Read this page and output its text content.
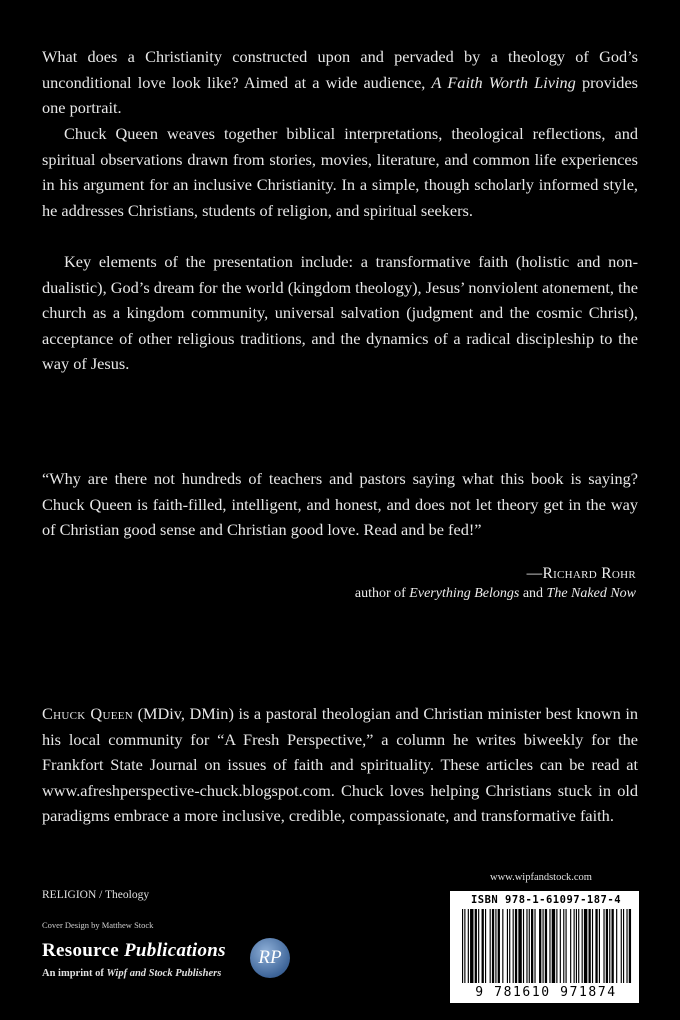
What does a Christianity constructed upon and pervaded by a theology of God’s unconditional love look like? Aimed at a wide audience, A Faith Worth Living provides one portrait.

Chuck Queen weaves together biblical interpretations, theological reflections, and spiritual observations drawn from stories, movies, literature, and common life experiences in his argument for an inclusive Christianity. In a simple, though scholarly informed style, he addresses Christians, students of religion, and spiritual seekers.

Key elements of the presentation include: a transformative faith (holistic and non-dualistic), God’s dream for the world (kingdom theology), Jesus’ nonviolent atonement, the church as a kingdom community, universal salvation (judgment and the cosmic Christ), acceptance of other religious traditions, and the dynamics of a radical discipleship to the way of Jesus.

“Why are there not hundreds of teachers and pastors saying what this book is saying? Chuck Queen is faith-filled, intelligent, and honest, and does not let theory get in the way of Christian good sense and Christian good love. Read and be fed!”

—Richard Rohr

author of Everything Belongs and The Naked Now

Chuck Queen (MDiv, DMin) is a pastoral theologian and Christian minister best known in his local community for “A Fresh Perspective,” a column he writes biweekly for the Frankfort State Journal on issues of faith and spirituality. These articles can be read at www.afreshperspective-chuck.blogspot.com. Chuck loves helping Christians stuck in old paradigms embrace a more inclusive, credible, compassionate, and transformative faith.

RELIGION / Theology
Cover Design by Matthew Stock
Resource Publications
An imprint of Wipf and Stock Publishers
RP
www.wipfandstock.com
ISBN 978-1-61097-187-4
9 781610 971874
